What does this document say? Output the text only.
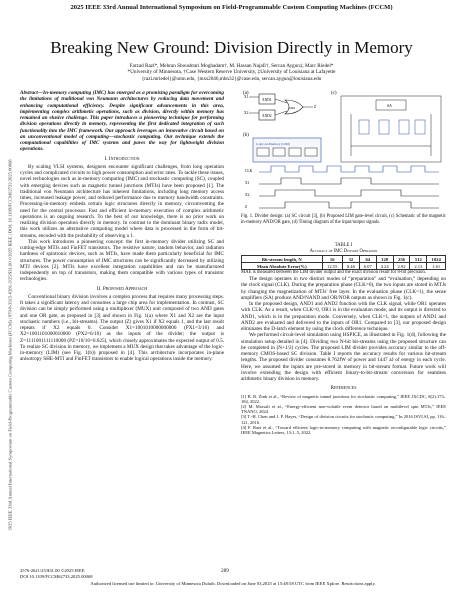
2025 IEEE 33rd Annual International Symposium on Field-Programmable Custom Computing Machines (FCCM)
2025 IEEE 33rd Annual International Symposium on Field-Programmable Custom Computing Machines (FCCM) | 979-8-3315-0281-2/25/$31.00 ©2025 IEEE | DOI: 10.1109/FCCM62733.2025.00068
Breaking New Ground: Division Directly in Memory
Farzad Razi*, Mehran Shoushtari Moghadam†, M. Hassan Najafi†, Sercan Aygun‡, Marc Riedel*
*University of Minnesota, †Case Western Reserve University, ‡University of Louisiana at Lafayette
{razi.mriedel}@umn.edu, {mxs2046,mhn32}@case.edu, sercan.aygun@louisiana.edu
Abstract—In-memory computing (IMC) has emerged as a promising paradigm for overcoming the limitations of traditional von Neumann architectures by reducing data movement and enhancing computational efficiency. Despite significant advancements in this area, implementing complex arithmetic operations, such as division, directly within memory has remained an elusive challenge. This paper introduces a pioneering technique for performing division operations directly in memory, representing the first dedicated integration of such functionality into the IMC framework. Our approach leverages an innovative circuit based on an unconventional model of computing—stochastic computing. Our technique extends the computational capabilities of IMC systems and paves the way for lightweight division operations.
I. Introduction
By scaling VLSI systems, designers encounter significant challenges, from long operation cycles and complicated circuits to high power consumption and error rates. To tackle these issues, novel technologies such as in-memory computing (IMC) and stochastic computing (SC), coupled with emerging devices such as magnetic tunnel junctions (MTJs) have been proposed [1]. The traditional von Neumann architecture has inherent limitations, including long memory access times, increased leakage power, and reduced performance due to memory bandwidth constraints. Processing-in-memory embeds certain logic structures directly in memory, circumventing the need for the central processor. Fast and efficient in-memory execution of complex arithmetic operations is an ongoing research. To the best of our knowledge, there is no prior work on realizing division operation directly in memory. In contrast to the dominant binary radix model, this work utilizes an alternative computing model where data is processed in the form of bit-streams, encoded with the probability of observing a 1.
This work introduces a pioneering concept: the first in-memory divider utilizing SC and cutting-edge MTJs and FinFET transistors. The resistive nature, random behavior, and radiation hardness of spintronic devices, such as MTJs, have made them particularly beneficial for IMC structures. The power consumption of IMC structures can be significantly decreased by utilizing MTJ devices [2]. MTJs have excellent integration capabilities and can be manufactured independently on top of transistors, making them compatible with various types of transistor technologies.
II. Proposed Approach
Conventional binary division involves a complex process that requires many processing steps. It takes a significant latency and consumes a large chip area for implementation. In contrast, SC division can be simply performed using a multiplexer (MUX) unit composed of two AND gates and one OR gate, as proposed in [3] and shown in Fig. 1(a) where X1 and X2 are the input stochastic numbers (i.e., bit-streams). The output (Z) gives X1 if X2 equals 1, and the last result repeats if X2 equals 0. Consider X1=1001010000000000 (PX1=3/16) and X2=1001101000010000 (PX2=6/16) as the inputs of the divider; the output is Z=1111001111110000 (PZ=10/16=0.625), which closely approximates the expected output of 0.5. To realize SC division in memory, we implement a MUX design that takes advantage of the logic-in-memory (LIM) (see Fig. 1(b)) proposed in [4]. This architecture incorporates in-plane anisotropy SHE-MTJ and FinFET transistors to enable logical operations inside the memory.
(a)
AND1
AND2
OR1
X1
X2
Z
(b)
Logic-in-Memory (LIM)
(c)
SA
CLK
X1
X2
Z
Fig. 1. Divider design: (a) SC circuit [3], (b) Proposed LIM gate-level circuit, (c) Schematic of the magnetic in-memory AND/OR gate, (d) Timing diagram of the input/output signals.
TABLE I
Accuracy of IMC Division Operation
Bit-stream length, N	16	32	64	128	256	512	1024
Mean Absolute Error(%)	12.55	8.46	6.07	4.24	2.92	2.13	1.61
MAE is measured between the LIM divider output and the exact division result for 8-bit precision.
The design operates in two distinct modes of “preparation” and “evaluation,” depending on the clock signal (CLK). During the preparation phase (CLK=0), the two inputs are stored in MTJs by changing the magnetization of MTJs' free layer. In the evaluation phase (CLK=1), the sense amplifiers (SA) produce AND/NAND and OR/NOR outputs as shown in Fig. 1(c).
In the proposed design, AND1 and AND2 function with the CLK signal, while OR1 operates with CLK. As a result, when CLK=0, OR1 is in the evaluation mode, and its output is directed to AND1, which is in the preparation mode. Conversely, when CLK=1, the outputs of AND1 and AND2 are evaluated and delivered to the inputs of OR1. Compared to [3], our proposed design eliminates the D-latch element by using the clock difference technique.
We performed circuit-level simulation using HSPICE, as illustrated in Fig. 1(d), following the simulation setup detailed in [4]. Dividing two N-bit bit-streams using the proposed structure can be completed in (N+1/2) cycles. The proposed LIM divider provides accuracy similar to the off-memory CMOS-based SC division. Table I reports the accuracy results for various bit-stream lengths. The proposed divider consumes 8.762fW of power and 1447 aJ of energy in each cycle. Here, we assumed the inputs are pre-stored in memory in bit-stream format. Future work will involve extending the design with efficient binary-to-bit-stream conversion for seamless arithmetic binary division in memory.
References

[1] B. R. Zink et al., “Review of magnetic tunnel junctions for stochastic computing,” IEEE JXCDC, 8(2):173–184, 2022.

[2] M. Morsali et al., “Energy-efficient non-volatile event detector based on multilevel spin MTJs,” IEEE TNANO, 2024.

[3] T.-H. Chen and J. P. Hayes, “Design of division circuits for stochastic computing,” In 2016 ISVLSI, pp. 116–121, 2016.

[4] F. Razi et al., “Toward efficient logic-in-memory computing with magnetic reconfigurable logic circuits,” IEEE Magnetics Letters, 13:1–5, 2022.

2576-2621/25/$31.00 ©2025 IEEE
DOI 10.1109/FCCM62733.2025.00068
Authorized licensed use limited to: University of Minnesota Duluth. Downloaded on June 03,2025 at 15:48:58 UTC from IEEE Xplore. Restrictions apply.
289
